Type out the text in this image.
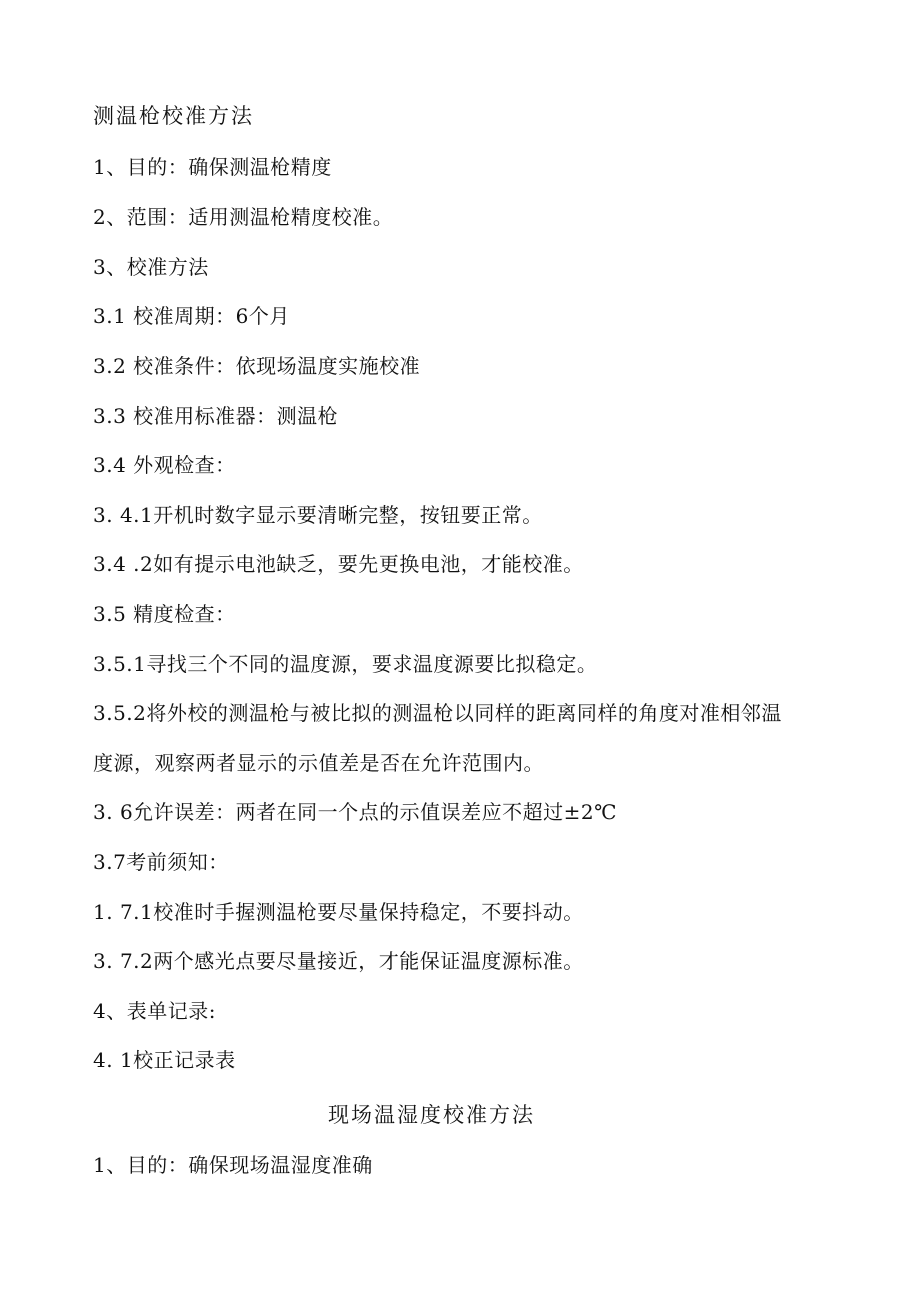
测温枪校准方法
1、目的：确保测温枪精度
2、范围：适用测温枪精度校准。
3、校准方法
3.1 校准周期：6个月
3.2 校准条件：依现场温度实施校准
3.3 校准用标准器：测温枪
3.4 外观检查：
3. 4.1开机时数字显示要清晰完整，按钮要正常。
3.4 .2如有提示电池缺乏，要先更换电池，才能校准。
3.5 精度检查：
3.5.1寻找三个不同的温度源，要求温度源要比拟稳定。
3.5.2将外校的测温枪与被比拟的测温枪以同样的距离同样的角度对准相邻温
度源，观察两者显示的示值差是否在允许范围内。
3. 6允许误差：两者在同一个点的示值误差应不超过±2℃
3.7考前须知：
1. 7.1校准时手握测温枪要尽量保持稳定，不要抖动。
3. 7.2两个感光点要尽量接近，才能保证温度源标准。
4、表单记录:
4. 1校正记录表
现场温湿度校准方法
1、目的：确保现场温湿度准确
